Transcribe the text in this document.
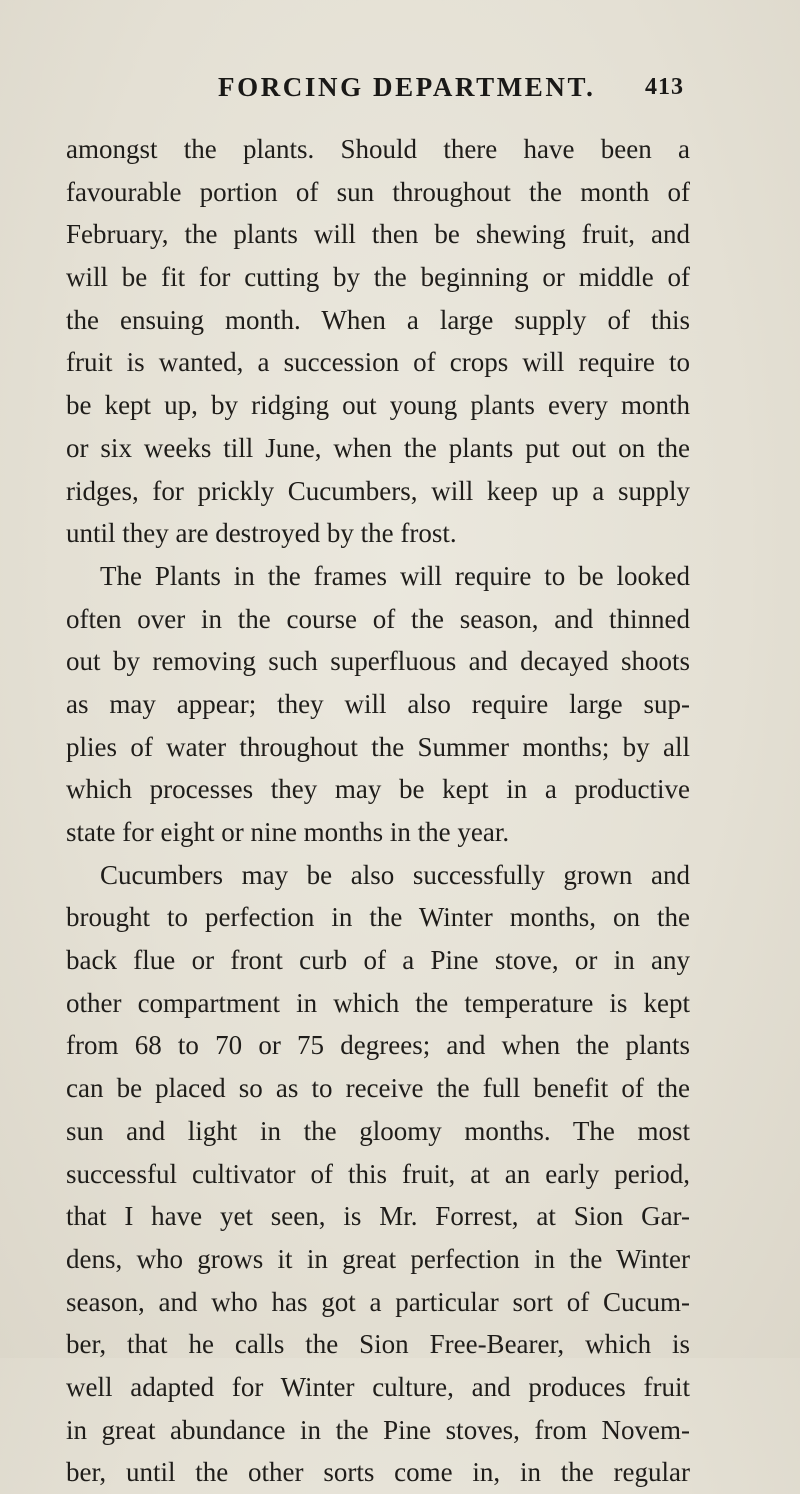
FORCING DEPARTMENT. 413
amongst the plants. Should there have been a
favourable portion of sun throughout the month of
February, the plants will then be shewing fruit, and
will be fit for cutting by the beginning or middle of
the ensuing month. When a large supply of this
fruit is wanted, a succession of crops will require to
be kept up, by ridging out young plants every month
or six weeks till June, when the plants put out on the
ridges, for prickly Cucumbers, will keep up a supply
until they are destroyed by the frost.
The Plants in the frames will require to be looked
often over in the course of the season, and thinned
out by removing such superfluous and decayed shoots
as may appear; they will also require large sup-
plies of water throughout the Summer months; by all
which processes they may be kept in a productive
state for eight or nine months in the year.
Cucumbers may be also successfully grown and
brought to perfection in the Winter months, on the
back flue or front curb of a Pine stove, or in any
other compartment in which the temperature is kept
from 68 to 70 or 75 degrees; and when the plants
can be placed so as to receive the full benefit of the
sun and light in the gloomy months. The most
successful cultivator of this fruit, at an early period,
that I have yet seen, is Mr. Forrest, at Sion Gar-
dens, who grows it in great perfection in the Winter
season, and who has got a particular sort of Cucum-
ber, that he calls the Sion Free-Bearer, which is
well adapted for Winter culture, and produces fruit
in great abundance in the Pine stoves, from Novem-
ber, until the other sorts come in, in the regular
